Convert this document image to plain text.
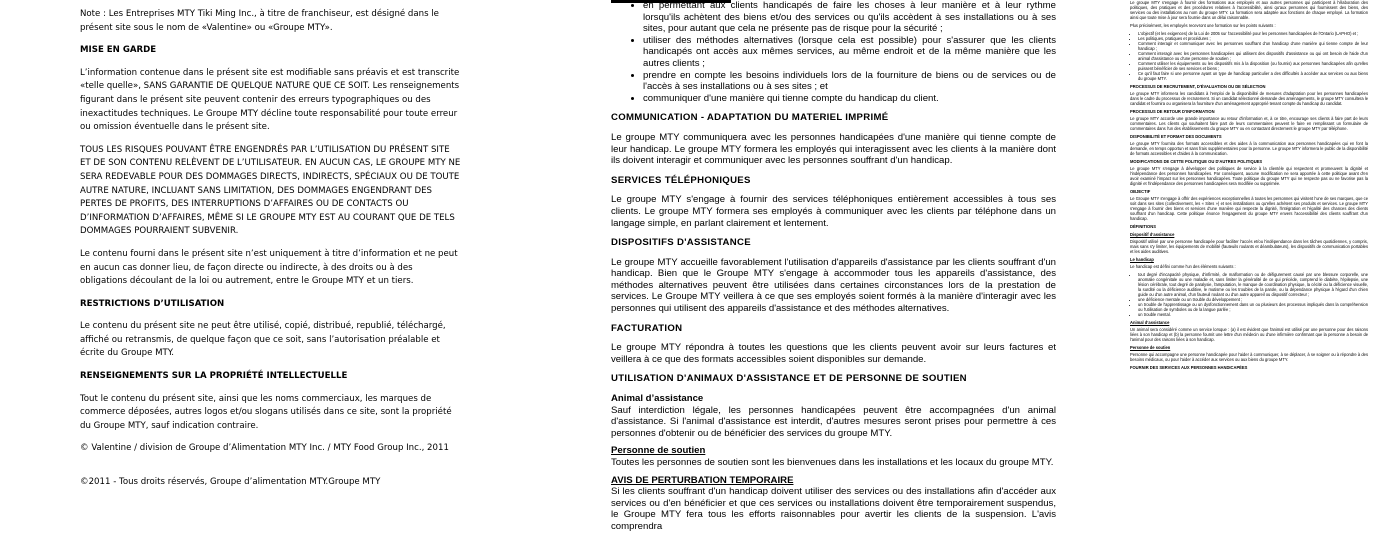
Note : Les Entreprises MTY Tiki Ming Inc., à titre de franchiseur, est désigné dans le présent site sous le nom de «Valentine» ou «Groupe MTY».

MISE EN GARDE

L’information contenue dans le présent site est modifiable sans préavis et est transcrite «telle quelle», SANS GARANTIE DE QUELQUE NATURE QUE CE SOIT. Les renseignements figurant dans le présent site peuvent contenir des erreurs typographiques ou des inexactitudes techniques. Le Groupe MTY décline toute responsabilité pour toute erreur ou omission éventuelle dans le présent site.

TOUS LES RISQUES POUVANT ÊTRE ENGENDRÉS PAR L’UTILISATION DU PRÉSENT SITE ET DE SON CONTENU RELÈVENT DE L’UTILISATEUR. EN AUCUN CAS, LE GROUPE MTY NE SERA REDEVABLE POUR DES DOMMAGES DIRECTS, INDIRECTS, SPÉCIAUX OU DE TOUTE AUTRE NATURE, INCLUANT SANS LIMITATION, DES DOMMAGES ENGENDRANT DES PERTES DE PROFITS, DES INTERRUPTIONS D’AFFAIRES OU DE CONTACTS OU D’INFORMATION D’AFFAIRES, MÊME SI LE GROUPE MTY EST AU COURANT QUE DE TELS DOMMAGES POURRAIENT SUBVENIR.

Le contenu fourni dans le présent site n’est uniquement à titre d’information et ne peut en aucun cas donner lieu, de façon directe ou indirecte, à des droits ou à des obligations découlant de la loi ou autrement, entre le Groupe MTY et un tiers.

RESTRICTIONS D’UTILISATION

Le contenu du présent site ne peut être utilisé, copié, distribué, republié, téléchargé, affiché ou retransmis, de quelque façon que ce soit, sans l’autorisation préalable et écrite du Groupe MTY.

RENSEIGNEMENTS SUR LA PROPRIÉTÉ INTELLECTUELLE

Tout le contenu du présent site, ainsi que les noms commerciaux, les marques de commerce déposées, autres logos et/ou slogans utilisés dans ce site, sont la propriété du Groupe MTY, sauf indication contraire.

© Valentine / division de Groupe d’Alimentation MTY Inc. / MTY Food Group Inc., 2011

©2011 - Tous droits réservés, Groupe d’alimentation MTY.Groupe MTY

• en permettant aux clients handicapés de faire les choses à leur manière et à leur rythme lorsqu'ils achètent des biens et/ou des services ou qu'ils accèdent à ses installations ou à ses sites, pour autant que cela ne présente pas de risque pour la sécurité ;
• utiliser des méthodes alternatives (lorsque cela est possible) pour s'assurer que les clients handicapés ont accès aux mêmes services, au même endroit et de la même manière que les autres clients ;
• prendre en compte les besoins individuels lors de la fourniture de biens ou de services ou de l'accès à ses installations ou à ses sites ; et
• communiquer d'une manière qui tienne compte du handicap du client.
COMMUNICATION - ADAPTATION DU MATERIEL IMPRIMÉ

Le groupe MTY communiquera avec les personnes handicapées d'une manière qui tienne compte de leur handicap. Le groupe MTY formera les employés qui interagissent avec les clients à la manière dont ils doivent interagir et communiquer avec les personnes souffrant d'un handicap.

SERVICES TÉLÉPHONIQUES

Le groupe MTY s'engage à fournir des services téléphoniques entièrement accessibles à tous ses clients. Le groupe MTY formera ses employés à communiquer avec les clients par téléphone dans un langage simple, en parlant clairement et lentement.

DISPOSITIFS D'ASSISTANCE

Le groupe MTY accueille favorablement l'utilisation d'appareils d'assistance par les clients souffrant d'un handicap. Bien que le Groupe MTY s'engage à accommoder tous les appareils d'assistance, des méthodes alternatives peuvent être utilisées dans certaines circonstances lors de la prestation de services. Le Groupe MTY veillera à ce que ses employés soient formés à la manière d'interagir avec les personnes qui utilisent des appareils d'assistance et des méthodes alternatives.

FACTURATION

Le groupe MTY répondra à toutes les questions que les clients peuvent avoir sur leurs factures et veillera à ce que des formats accessibles soient disponibles sur demande.

UTILISATION D'ANIMAUX D'ASSISTANCE ET DE PERSONNE DE SOUTIEN
Animal d’assistance

Sauf interdiction légale, les personnes handicapées peuvent être accompagnées d'un animal d'assistance. Si l'animal d'assistance est interdit, d'autres mesures seront prises pour permettre à ces personnes d'obtenir ou de bénéficier des services du groupe MTY.

Personne de soutien

Toutes les personnes de soutien sont les bienvenues dans les installations et les locaux du groupe MTY.

AVIS DE PERTURBATION TEMPORAIRE

Si les clients souffrant d'un handicap doivent utiliser des services ou des installations afin d'accéder aux services ou d'en bénéficier et que ces services ou installations doivent être temporairement suspendus, le Groupe MTY fera tous les efforts raisonnables pour avertir les clients de la suspension. L'avis comprendra

Le groupe MTY s'engage à fournir des formations aux employés et aux autres personnes qui participent à l'élaboration des politiques, des pratiques et des procédures relatives à l'accessibilité, ainsi qu'aux personnes qui fournissent des biens, des services ou des installations au nom du groupe MTY. La formation sera adaptée aux fonctions de chaque employé. La formation ainsi que toute mise à jour sera fournie dans un délai raisonnable.

Plus précisément, les employés recevront une formation sur les points suivants :

• L'objectif (et les exigences) de la Loi de 2005 sur l'accessibilité pour les personnes handicapées de l'Ontario (LAPHO) et ;
• Les politiques, pratiques et procédures ;
• Comment interagir et communiquer avec les personnes souffrant d'un handicap d'une manière qui tienne compte de leur handicap ;
• Comment interagir avec les personnes handicapées qui utilisent des dispositifs d'assistance ou qui ont besoin de l'aide d'un animal d'assistance ou d'une personne de soutien ;
• Comment utiliser les équipements ou les dispositifs mis à la disposition (ou fournis) aux personnes handicapées afin qu'elles puissent bénéficier de ses services et biens ;
• Ce qu'il faut faire si une personne ayant un type de handicap particulier a des difficultés à accéder aux services ou aux biens du groupe MTY.
PROCESSUS DE RECRUTEMENT, D'ÉVALUATION OU DE SÉLECTION

Le groupe MTY informera les candidats à l'emploi de la disponibilité de mesures d'adaptation pour les personnes handicapées dans le cadre du processus de recrutement. Si un candidat sélectionné demande des aménagements, le groupe MTY consultera le candidat et fournira ou organisera la fourniture d'un aménagement approprié tenant compte du handicap du candidat.

PROCESSUS DE RETOUR D'INFORMATION

Le groupe MTY accorde une grande importance au retour d'information et, à ce titre, encourage ses clients à faire part de leurs commentaires. Les clients qui souhaitent faire part de leurs commentaires peuvent le faire en remplissant un formulaire de commentaires dans l'un des établissements du groupe MTY ou en contactant directement le groupe MTY par téléphone.

DISPONIBILITÉ ET FORMAT DES DOCUMENTS

Le groupe MTY fournira des formats accessibles et des aides à la communication aux personnes handicapées qui en font la demande, en temps opportun et sans frais supplémentaires pour la personne. Le groupe MTY informera le public de la disponibilité de formats accessibles et d'aides à la communication.

MODIFICATIONS DE CETTE POLITIQUE OU D'AUTRES POLITIQUES

Le groupe MTY s'engage à développer des politiques de service à la clientèle qui respectent et promeuvent la dignité et l'indépendance des personnes handicapées. Par conséquent, aucune modification ne sera apportée à cette politique avant d'en avoir examiné l'impact sur les personnes handicapées. Toute politique du groupe MTY qui ne respecte pas ou ne favorise pas la dignité et l'indépendance des personnes handicapées sera modifiée ou supprimée.

OBJECTIF

Le Groupe MTY s'engage à offrir des expériences exceptionnelles à toutes les personnes qui visitent l'une de ses marques, que ce soit dans ses sites (collectivement, les « Sites ») et ses installations ou qu'elles achètent ses produits et services. Le groupe MTY s'engage à fournir des biens et services d'une manière qui respecte la dignité, l'intégration et l'égalité des chances des clients souffrant d'un handicap. Cette politique énonce l'engagement du groupe MTY envers l'accessibilité des clients souffrant d'un handicap.

DÉFINITIONS
Dispositif d’assistance

Dispositif utilisé par une personne handicapée pour faciliter l'accès et/ou l'indépendance dans les tâches quotidiennes, y compris, mais sans s'y limiter, les équipements de mobilité (fauteuils roulants et déambulateurs), les dispositifs de communication portables et les aides auditives.

Le handicap

Le handicap est défini comme l'un des éléments suivants :

• tout degré d'incapacité physique, d'infirmité, de malformation ou de défigurement causé par une blessure corporelle, une anomalie congénitale ou une maladie et, sans limiter la généralité de ce qui précède, comprend le diabète, l'épilepsie, une lésion cérébrale, tout degré de paralysie, l'amputation, le manque de coordination physique, la cécité ou la déficience visuelle, la surdité ou la déficience auditive, le mutisme ou les troubles de la parole, ou la dépendance physique à l'égard d'un chien guide ou d'un autre animal, d'un fauteuil roulant ou d'un autre appareil ou dispositif correcteur ;
• une déficience mentale ou un trouble du développement ;
• un trouble de l'apprentissage ou un dysfonctionnement dans un ou plusieurs des processus impliqués dans la compréhension ou l'utilisation de symboles ou de la langue parlée ;
• un trouble mental.
Animal d’assistance

Un animal sera considéré comme un service lorsque : (a) il est évident que l'animal est utilisé par une personne pour des raisons liées à son handicap et (b) la personne fournit une lettre d'un médecin ou d'une infirmière confirmant que la personne a besoin de l'animal pour des raisons liées à son handicap.

Personne de soutien

Personne qui accompagne une personne handicapée pour l'aider à communiquer, à se déplacer, à se soigner ou à répondre à des besoins médicaux, ou pour l'aider à accéder aux services ou aux biens du groupe MTY.

FOURNIR DES SERVICES AUX PERSONNES HANDICAPÉES
